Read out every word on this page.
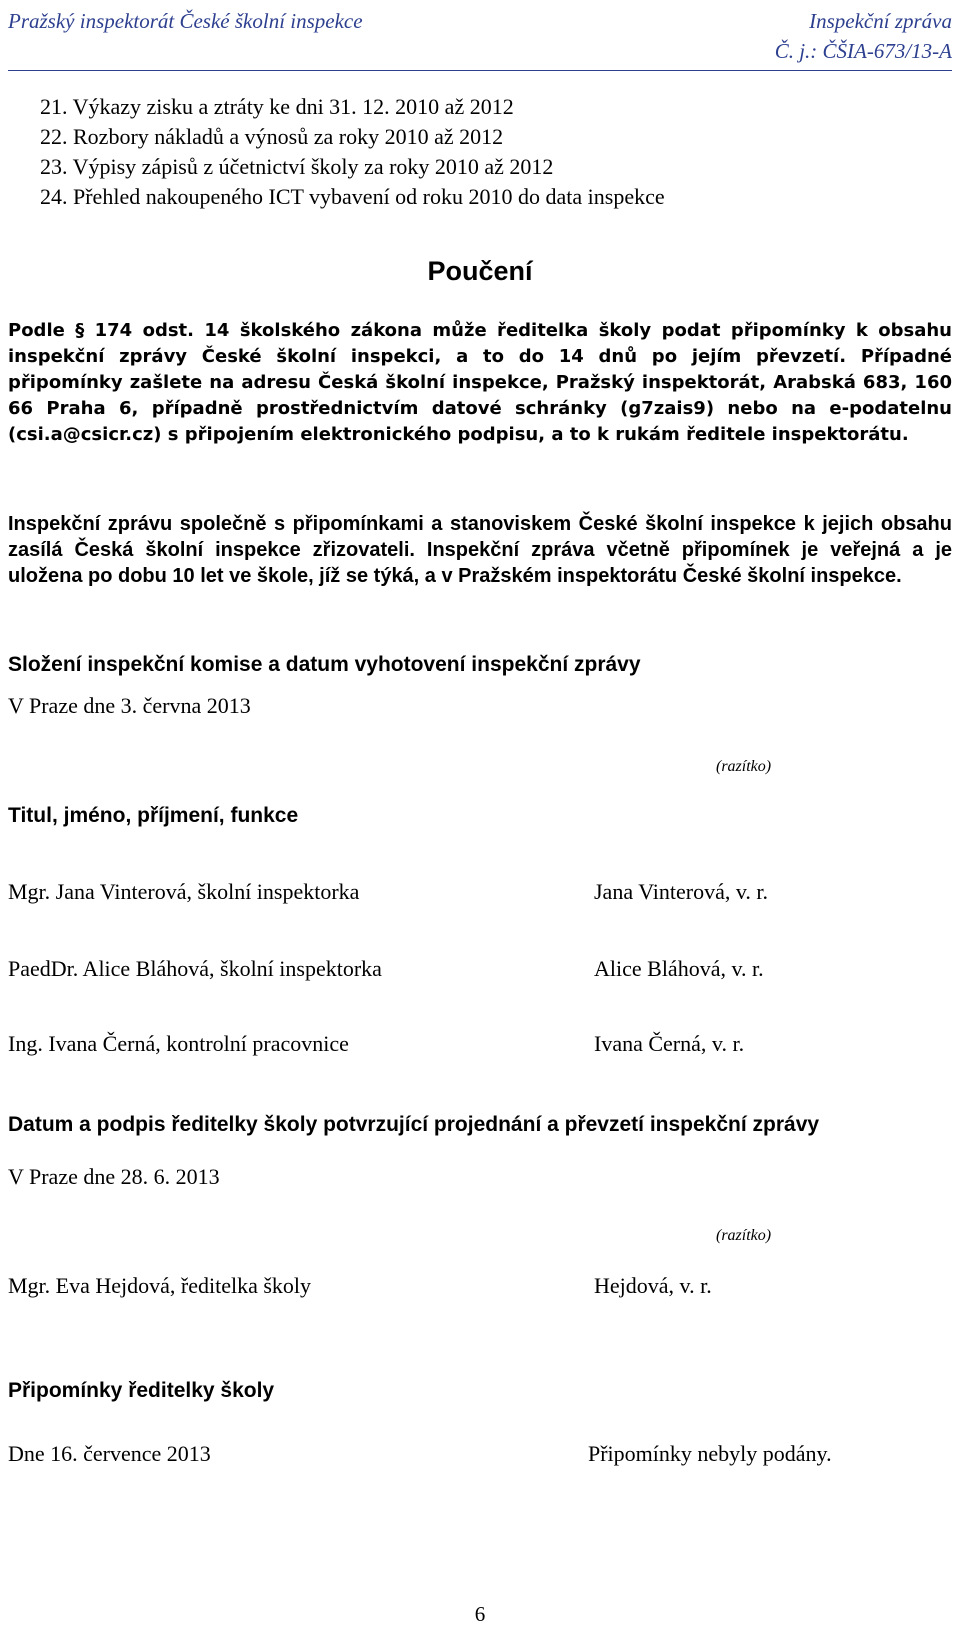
Pražský inspektorát České školní inspekce	Inspekční zpráva
Č. j.: ČŠIA-673/13-A
21. Výkazy zisku a ztráty ke dni 31. 12. 2010 až 2012
22. Rozbory nákladů a výnosů za roky 2010 až 2012
23. Výpisy zápisů z účetnictví školy za roky 2010 až 2012
24. Přehled nakoupeného ICT vybavení od roku 2010 do data inspekce
Poučení
Podle § 174 odst. 14 školského zákona může ředitelka školy podat připomínky k obsahu inspekční zprávy České školní inspekci, a to do 14 dnů po jejím převzetí. Případné připomínky zašlete na adresu Česká školní inspekce, Pražský inspektorát, Arabská 683, 160 66 Praha 6, případně prostřednictvím datové schránky (g7zais9) nebo na e-podatelnu (csi.a@csicr.cz) s připojením elektronického podpisu, a to k rukám ředitele inspektorátu.
Inspekční zprávu společně s připomínkami a stanoviskem České školní inspekce k jejich obsahu zasílá Česká školní inspekce zřizovateli. Inspekční zpráva včetně připomínek je veřejná a je uložena po dobu 10 let ve škole, jíž se týká, a v Pražském inspektorátu České školní inspekce.
Složení inspekční komise a datum vyhotovení inspekční zprávy
V Praze dne 3. června 2013
(razítko)
Titul, jméno, příjmení, funkce
Mgr. Jana Vinterová, školní inspektorka	Jana Vinterová, v. r.
PaedDr. Alice Bláhová, školní inspektorka	Alice Bláhová, v. r.
Ing. Ivana Černá, kontrolní pracovnice	Ivana Černá, v. r.
Datum a podpis ředitelky školy potvrzující projednání a převzetí inspekční zprávy
V Praze dne 28. 6. 2013
(razítko)
Mgr. Eva Hejdová, ředitelka školy	Hejdová, v. r.
Připomínky ředitelky školy
Dne 16. července 2013	Připomínky nebyly podány.
6
